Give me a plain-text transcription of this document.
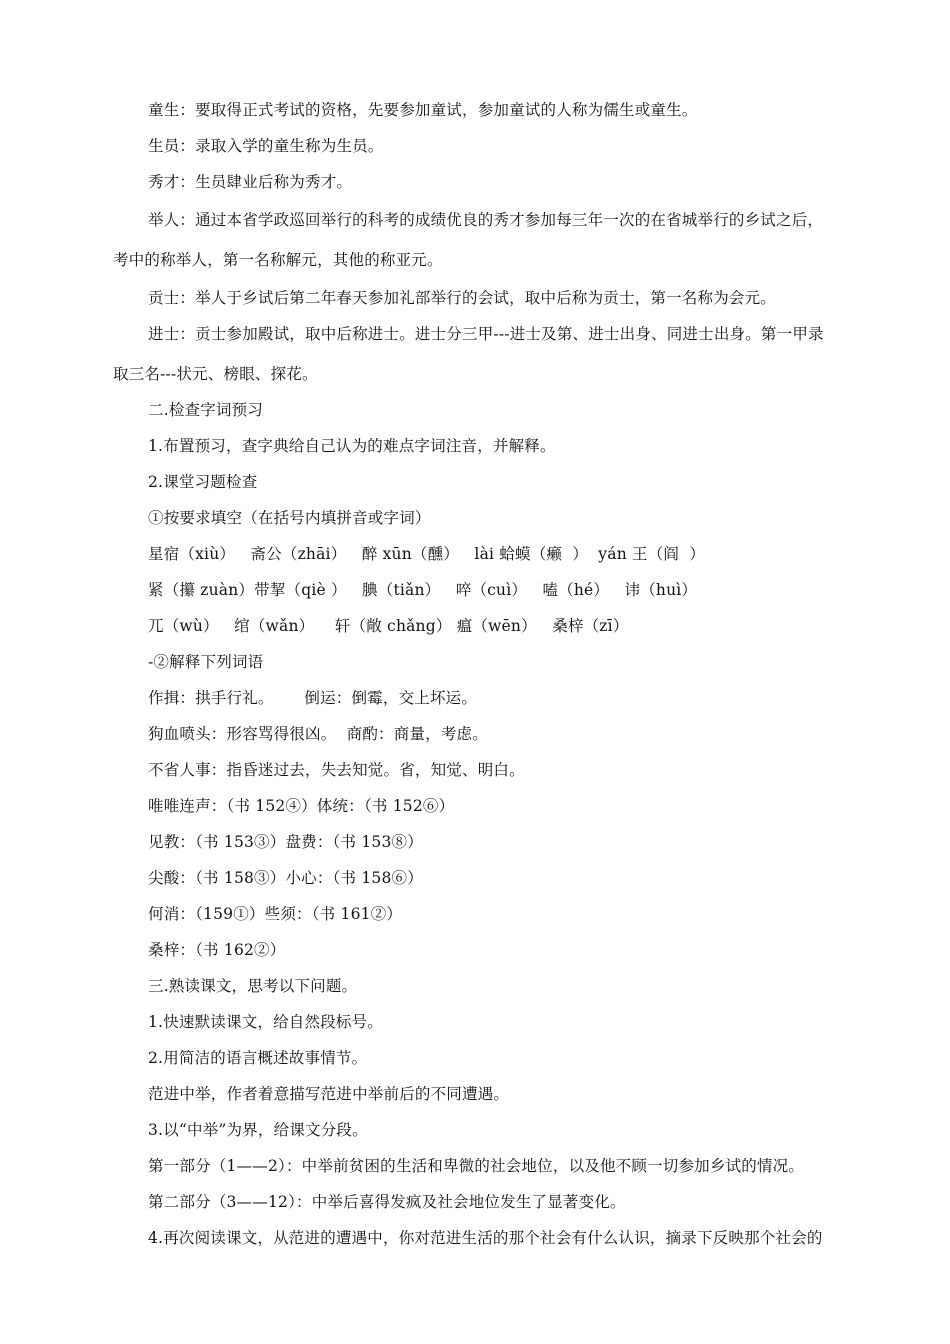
童生：要取得正式考试的资格，先要参加童试，参加童试的人称为儒生或童生。
生员：录取入学的童生称为生员。
秀才：生员肆业后称为秀才。
举人：通过本省学政巡回举行的科考的成绩优良的秀才参加每三年一次的在省城举行的乡试之后，
考中的称举人，第一名称解元，其他的称亚元。
贡士：举人于乡试后第二年春天参加礼部举行的会试，取中后称为贡士，第一名称为会元。
进士：贡士参加殿试，取中后称进士。进士分三甲---进士及第、进士出身、同进士出身。第一甲录
取三名---状元、榜眼、探花。
二.检查字词预习
1.布置预习，查字典给自己认为的难点字词注音，并解释。
2.课堂习题检查
①按要求填空（在括号内填拼音或字词）
星宿（xiù）   斋公（zhāi）   醉 xūn（醺）   lài 蛤蟆（癞  ）  yán 王（阎  ）
紧（攥 zuàn）带挈（qiè ）   腆（tiǎn）   啐（cuì）   嗑（hé）   讳（huì）
兀（wù）   绾（wǎn）    轩（敞 chǎng） 瘟（wēn）   桑梓（zī）
-②解释下列词语
作揖：拱手行礼。      倒运：倒霉，交上坏运。
狗血喷头：形容骂得很凶。  商酌：商量，考虑。
不省人事：指昏迷过去，失去知觉。省，知觉、明白。
唯唯连声：（书 152④）体统：（书 152⑥）
见教：（书 153③）盘费：（书 153⑧）
尖酸：（书 158③）小心：（书 158⑥）
何消：（159①）些须：（书 161②）
桑梓：（书 162②）
三.熟读课文，思考以下问题。
1.快速默读课文，给自然段标号。
2.用简洁的语言概述故事情节。
范进中举，作者着意描写范进中举前后的不同遭遇。
3.以“中举”为界，给课文分段。
第一部分（1——2）：中举前贫困的生活和卑微的社会地位，以及他不顾一切参加乡试的情况。
第二部分（3——12）：中举后喜得发疯及社会地位发生了显著变化。
4.再次阅读课文，从范进的遭遇中，你对范进生活的那个社会有什么认识，摘录下反映那个社会的
